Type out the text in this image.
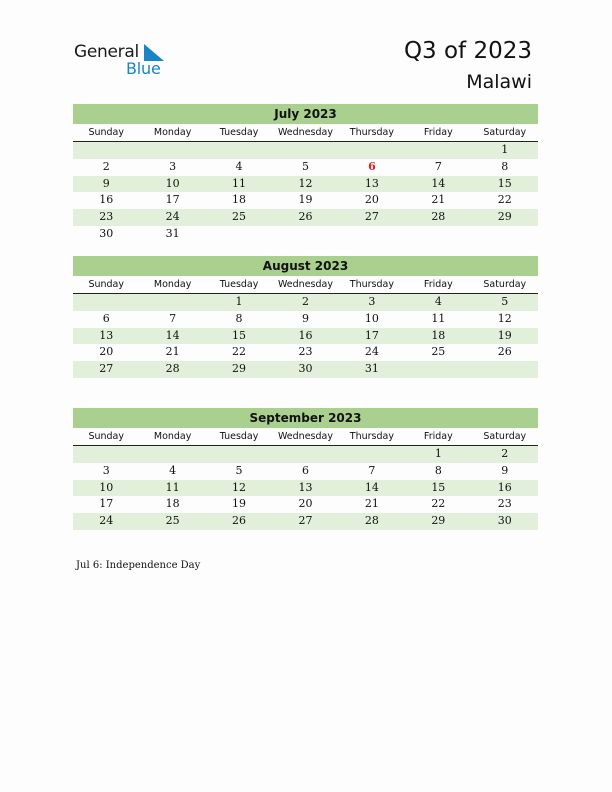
General
Blue
Q3 of 2023
Malawi
July 2023
Sunday	Monday	Tuesday	Wednesday	Thursday	Friday	Saturday
						1
2	3	4	5	6	7	8
9	10	11	12	13	14	15
16	17	18	19	20	21	22
23	24	25	26	27	28	29
30	31					
August 2023
Sunday	Monday	Tuesday	Wednesday	Thursday	Friday	Saturday
		1	2	3	4	5
6	7	8	9	10	11	12
13	14	15	16	17	18	19
20	21	22	23	24	25	26
27	28	29	30	31		
September 2023
Sunday	Monday	Tuesday	Wednesday	Thursday	Friday	Saturday
					1	2
3	4	5	6	7	8	9
10	11	12	13	14	15	16
17	18	19	20	21	22	23
24	25	26	27	28	29	30
Jul 6: Independence Day
